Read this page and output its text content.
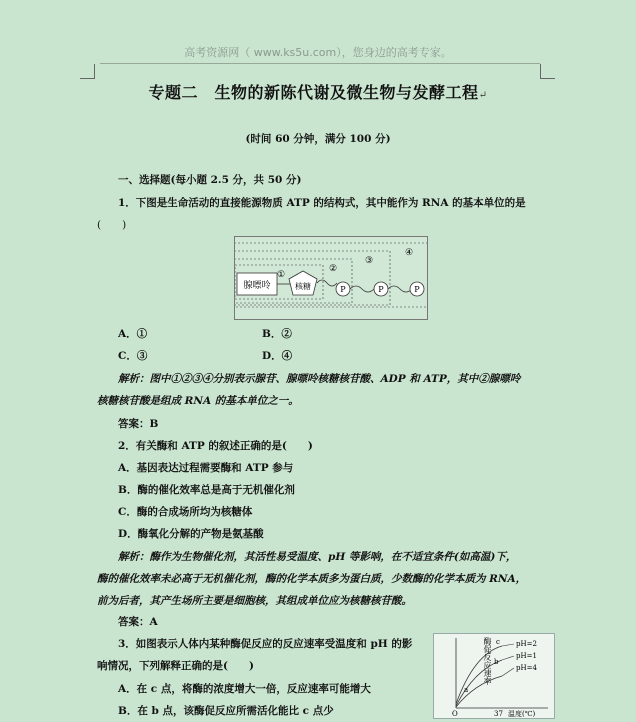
高考资源网（ www.ks5u.com），您身边的高考专家。
专题二　生物的新陈代谢及微生物与发酵工程↵
(时间 60 分钟，满分 100 分)
一、选择题(每小题 2.5 分，共 50 分)
1．下图是生命活动的直接能源物质 ATP 的结构式，其中能作为 RNA 的基本单位的是
(　　)
腺嘌呤	核糖	P	P	P
①
②
③
④
A．①	B．②
C．③	D．④
解析：图中①②③④分别表示腺苷、腺嘌呤核糖核苷酸、ADP 和 ATP，其中②腺嘌呤
核糖核苷酸是组成 RNA 的基本单位之一。
答案：B
2．有关酶和 ATP 的叙述正确的是(　　)
A．基因表达过程需要酶和 ATP 参与
B．酶的催化效率总是高于无机催化剂
C．酶的合成场所均为核糖体
D．酶氧化分解的产物是氨基酸
解析：酶作为生物催化剂，其活性易受温度、pH 等影响，在不适宜条件(如高温)下，
酶的催化效率未必高于无机催化剂，酶的化学本质多为蛋白质，少数酶的化学本质为 RNA，
前为后者，其产生场所主要是细胞核，其组成单位应为核糖核苷酸。
答案：A
3．如图表示人体内某种酶促反应的反应速率受温度和 pH 的影
响情况，下列解释正确的是(　　)
A．在 c 点，将酶的浓度增大一倍，反应速率可能增大
B．在 b 点，该酶促反应所需活化能比 c 点少
酶促反应速率
O	37 温度(℃)
a
b
c pH=2
pH=1
pH=4
